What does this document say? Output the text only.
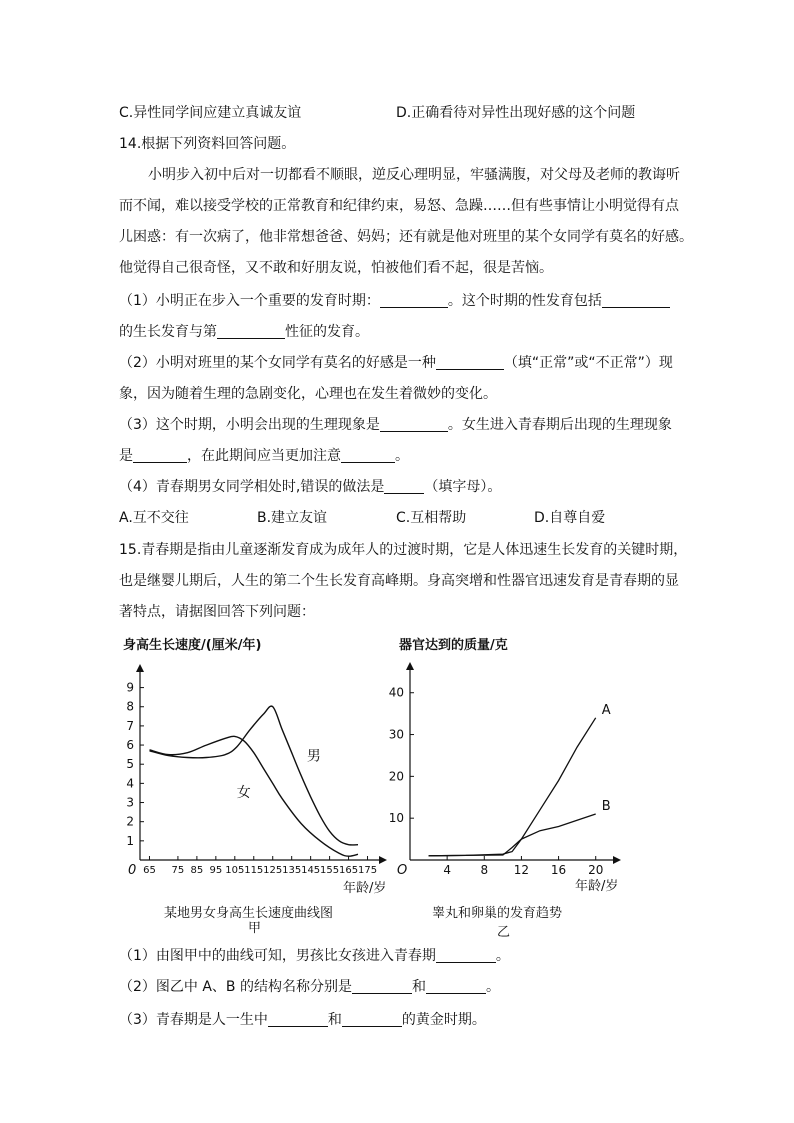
C.异性同学间应建立真诚友谊	D.正确看待对异性出现好感的这个问题
14.根据下列资料回答问题。
小明步入初中后对一切都看不顺眼，逆反心理明显，牢骚满腹，对父母及老师的教诲听
而不闻，难以接受学校的正常教育和纪律约束，易怒、急躁……但有些事情让小明觉得有点
儿困惑：有一次病了，他非常想爸爸、妈妈；还有就是他对班里的某个女同学有莫名的好感。
他觉得自己很奇怪，又不敢和好朋友说，怕被他们看不起，很是苦恼。
（1）小明正在步入一个重要的发育时期：	。这个时期的性发育包括
的生长发育与第	性征的发育。
（2）小明对班里的某个女同学有莫名的好感是一种	（填“正常”或“不正常”）现
象，因为随着生理的急剧变化，心理也在发生着微妙的变化。
（3）这个时期，小明会出现的生理现象是	。女生进入青春期后出现的生理现象
是	，在此期间应当更加注意	。
（4）青春期男女同学相处时,错误的做法是	（填字母）。
A.互不交往	B.建立友谊	C.互相帮助	D.自尊自爱
15.青春期是指由儿童逐渐发育成为成年人的过渡时期，它是人体迅速生长发育的关键时期，
也是继婴儿期后，人生的第二个生长发育高峰期。身高突增和性器官迅速发育是青春期的显
著特点，请据图回答下列问题：
身高生长速度/(厘米/年)
0
1
2
3
4
5
6
7
8
9
65 75 85 95 105 115 125 135 145 155 165 175
年龄/岁
男
女
器官达到的质量/克
O
10
20
30
40
4 8 12 16 20
年龄/岁
A
B
某地男女身高生长速度曲线图
甲
睾丸和卵巢的发育趋势
乙
（1）由图甲中的曲线可知，男孩比女孩进入青春期	。
（2）图乙中 A、B 的结构名称分别是	和	。
（3）青春期是人一生中	和	的黄金时期。
